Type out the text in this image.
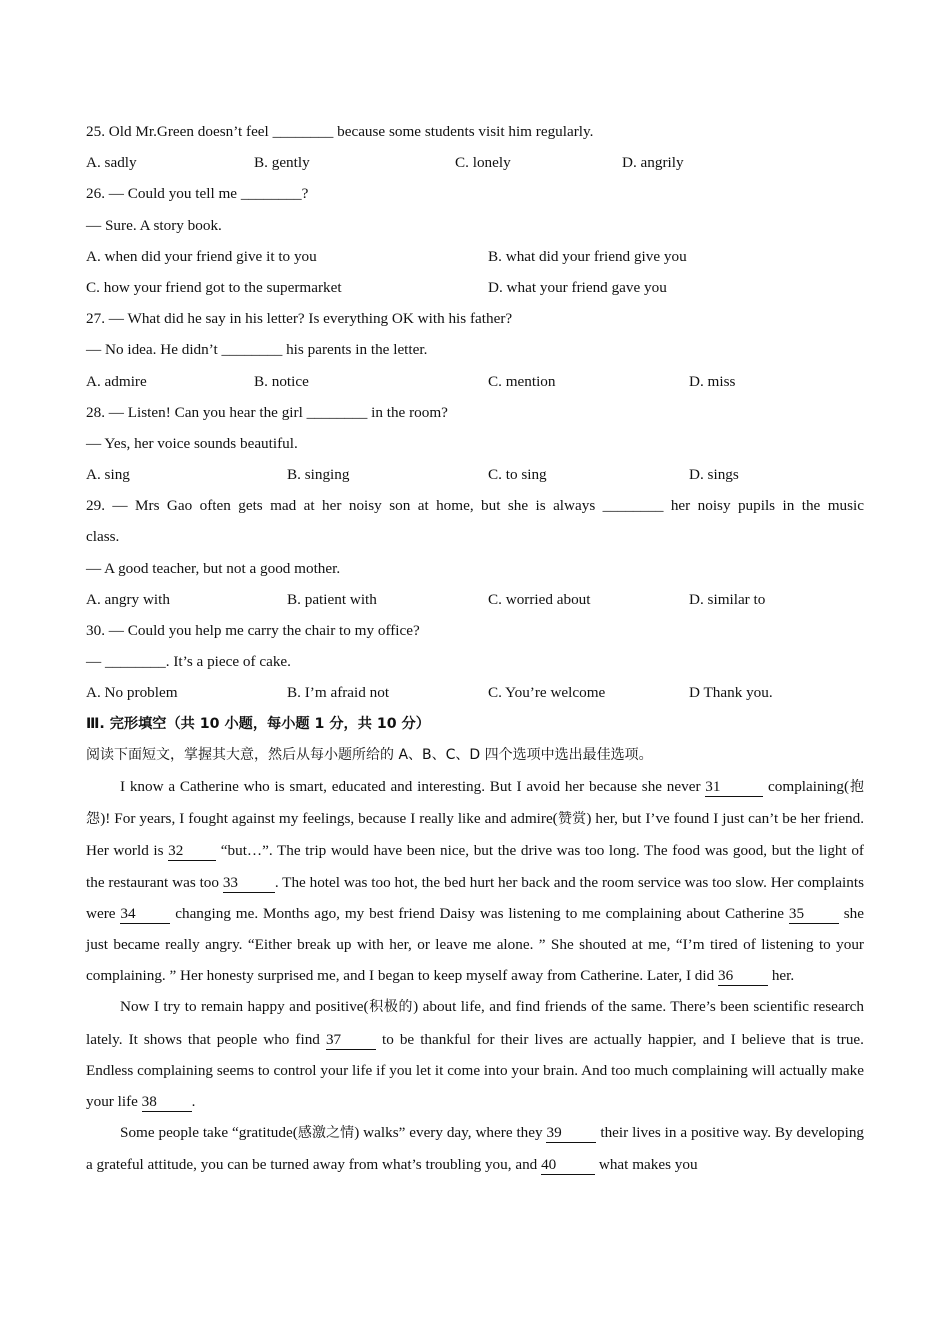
25. Old Mr.Green doesn’t feel ________ because some students visit him regularly.
A. sadly	B. gently	C. lonely	D. angrily
26. — Could you tell me ________?
— Sure. A story book.
A. when did your friend give it to you	B. what did your friend give you
C. how your friend got to the supermarket	D. what your friend gave you
27. — What did he say in his letter? Is everything OK with his father?
— No idea. He didn’t ________ his parents in the letter.
A. admire	B. notice	C. mention	D. miss
28. — Listen! Can you hear the girl ________ in the room?
— Yes, her voice sounds beautiful.
A. sing	B. singing	C. to sing	D. sings
29. — Mrs Gao often gets mad at her noisy son at home, but she is always ________ her noisy pupils in the music
class.
— A good teacher, but not a good mother.
A. angry with	B. patient with	C. worried about	D. similar to
30. — Could you help me carry the chair to my office?
— ________. It’s a piece of cake.
A. No problem	B. I’m afraid not	C. You’re welcome	D Thank you.
Ⅲ. 完形填空（共 10 小题，每小题 1 分，共 10 分）
阅读下面短文，掌握其大意，然后从每小题所给的 A、B、C、D 四个选项中选出最佳选项。

I know a Catherine who is smart, educated and interesting. But I avoid her because she never 31	complaining(抱怨)! For years, I fought against my feelings, because I really like and admire(赞赏) her, but I’ve found I just can’t be her friend. Her world is 32 “but…”. The trip would have been nice, but the drive was too long. The food was good, but the light of the restaurant was too 33 . The hotel was too hot, the bed hurt her back and the room service was too slow. Her complaints were 34 changing me. Months ago, my best friend Daisy was listening to me complaining about Catherine 35 she just became really angry. “Either break up with her, or leave me alone. ” She shouted at me, “I’m tired of listening to your complaining. ” Her honesty surprised me, and I began to keep myself away from Catherine. Later, I did 36 her.

Now I try to remain happy and positive(积极的) about life, and find friends of the same. There’s been scientific research lately. It shows that people who find 37 to be thankful for their lives are actually happier, and I believe that is true. Endless complaining seems to control your life if you let it come into your brain. And too much complaining will actually make your life 38 .

Some people take “gratitude(感激之情) walks” every day, where they 39 their lives in a positive way. By developing a grateful attitude, you can be turned away from what’s troubling you, and 40	what makes you
